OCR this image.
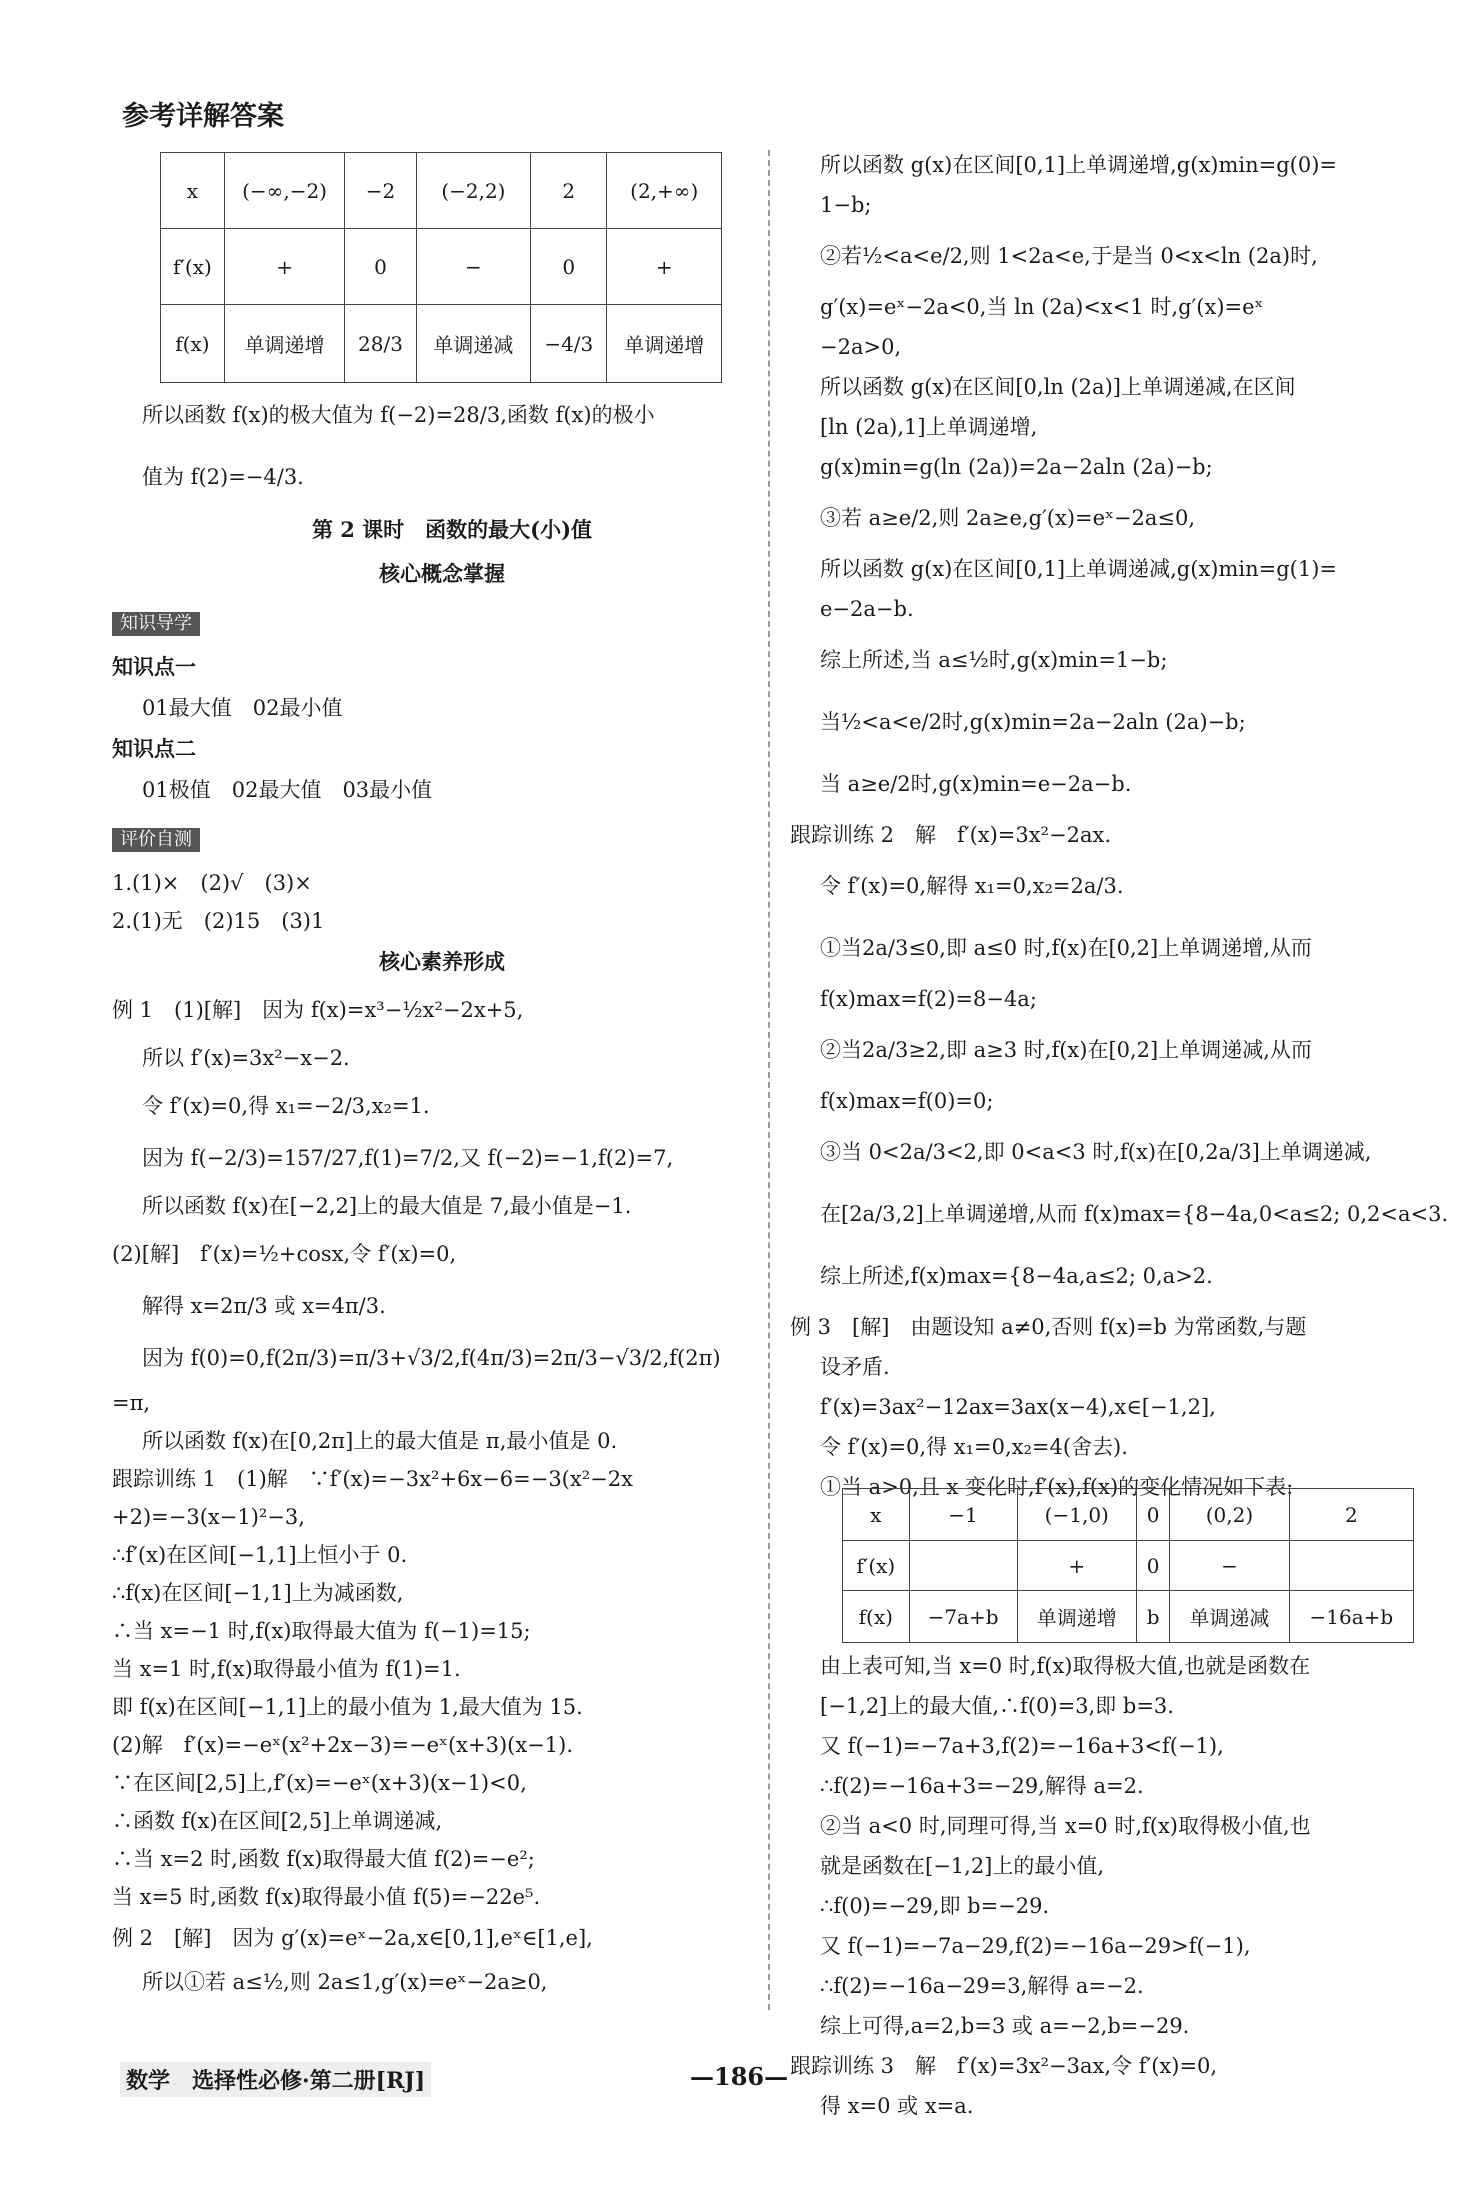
参考详解答案
x	(−∞,−2)	−2	(−2,2)	2	(2,+∞)
f′(x)	+	0	−	0	+
f(x)	单调递增	28/3	单调递减	−4/3	单调递增
所以函数 f(x)的极大值为 f(−2)=28/3,函数 f(x)的极小
值为 f(2)=−4/3.
第 2 课时　函数的最大(小)值
核心概念掌握
知识导学
知识点一
01最大值　02最小值
知识点二
01极值　02最大值　03最小值
评价自测
1.(1)×　(2)√　(3)×
2.(1)无　(2)15　(3)1
核心素养形成
例 1　(1)[解]　因为 f(x)=x³−½x²−2x+5,
所以 f′(x)=3x²−x−2.
令 f′(x)=0,得 x₁=−2/3,x₂=1.
因为 f(−2/3)=157/27,f(1)=7/2,又 f(−2)=−1,f(2)=7,
所以函数 f(x)在[−2,2]上的最大值是 7,最小值是−1.
(2)[解]　f′(x)=½+cosx,令 f′(x)=0,
解得 x=2π/3 或 x=4π/3.
因为 f(0)=0,f(2π/3)=π/3+√3/2,f(4π/3)=2π/3−√3/2,f(2π)
=π,
所以函数 f(x)在[0,2π]上的最大值是 π,最小值是 0.
跟踪训练 1　(1)解　∵f′(x)=−3x²+6x−6=−3(x²−2x
+2)=−3(x−1)²−3,
∴f′(x)在区间[−1,1]上恒小于 0.
∴f(x)在区间[−1,1]上为减函数,
∴当 x=−1 时,f(x)取得最大值为 f(−1)=15;
当 x=1 时,f(x)取得最小值为 f(1)=1.
即 f(x)在区间[−1,1]上的最小值为 1,最大值为 15.
(2)解　f′(x)=−eˣ(x²+2x−3)=−eˣ(x+3)(x−1).
∵在区间[2,5]上,f′(x)=−eˣ(x+3)(x−1)<0,
∴函数 f(x)在区间[2,5]上单调递减,
∴当 x=2 时,函数 f(x)取得最大值 f(2)=−e²;
当 x=5 时,函数 f(x)取得最小值 f(5)=−22e⁵.
例 2　[解]　因为 g′(x)=eˣ−2a,x∈[0,1],eˣ∈[1,e],
所以①若 a≤½,则 2a≤1,g′(x)=eˣ−2a≥0,
所以函数 g(x)在区间[0,1]上单调递增,g(x)min=g(0)=
1−b;
②若½<a<e/2,则 1<2a<e,于是当 0<x<ln (2a)时,
g′(x)=eˣ−2a<0,当 ln (2a)<x<1 时,g′(x)=eˣ
−2a>0,
所以函数 g(x)在区间[0,ln (2a)]上单调递减,在区间
[ln (2a),1]上单调递增,
g(x)min=g(ln (2a))=2a−2aln (2a)−b;
③若 a≥e/2,则 2a≥e,g′(x)=eˣ−2a≤0,
所以函数 g(x)在区间[0,1]上单调递减,g(x)min=g(1)=
e−2a−b.
综上所述,当 a≤½时,g(x)min=1−b;
当½<a<e/2时,g(x)min=2a−2aln (2a)−b;
当 a≥e/2时,g(x)min=e−2a−b.
跟踪训练 2　解　f′(x)=3x²−2ax.
令 f′(x)=0,解得 x₁=0,x₂=2a/3.
①当2a/3≤0,即 a≤0 时,f(x)在[0,2]上单调递增,从而
f(x)max=f(2)=8−4a;
②当2a/3≥2,即 a≥3 时,f(x)在[0,2]上单调递减,从而
f(x)max=f(0)=0;
③当 0<2a/3<2,即 0<a<3 时,f(x)在[0,2a/3]上单调递减,
在[2a/3,2]上单调递增,从而 f(x)max={8−4a,0<a≤2; 0,2<a<3.
综上所述,f(x)max={8−4a,a≤2; 0,a>2.
例 3　[解]　由题设知 a≠0,否则 f(x)=b 为常函数,与题
设矛盾.
f′(x)=3ax²−12ax=3ax(x−4),x∈[−1,2],
令 f′(x)=0,得 x₁=0,x₂=4(舍去).
①当 a>0,且 x 变化时,f′(x),f(x)的变化情况如下表:
x	−1	(−1,0)	0	(0,2)	2
f′(x)		+	0	−	
f(x)	−7a+b	单调递增	b	单调递减	−16a+b
由上表可知,当 x=0 时,f(x)取得极大值,也就是函数在
[−1,2]上的最大值,∴f(0)=3,即 b=3.
又 f(−1)=−7a+3,f(2)=−16a+3<f(−1),
∴f(2)=−16a+3=−29,解得 a=2.
②当 a<0 时,同理可得,当 x=0 时,f(x)取得极小值,也
就是函数在[−1,2]上的最小值,
∴f(0)=−29,即 b=−29.
又 f(−1)=−7a−29,f(2)=−16a−29>f(−1),
∴f(2)=−16a−29=3,解得 a=−2.
综上可得,a=2,b=3 或 a=−2,b=−29.
跟踪训练 3　解　f′(x)=3x²−3ax,令 f′(x)=0,
得 x=0 或 x=a.
数学　选择性必修·第二册[RJ]	—186—
